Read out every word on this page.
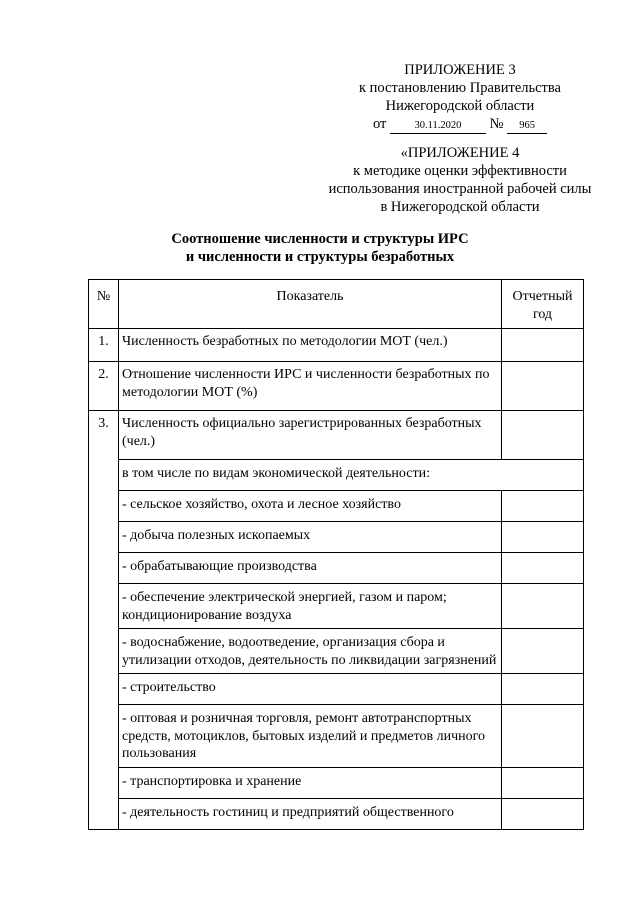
ПРИЛОЖЕНИЕ 3
к постановлению Правительства
Нижегородской области
от	30.11.2020 № 965
«ПРИЛОЖЕНИЕ 4
к методике оценки эффективности
использования иностранной рабочей силы
в Нижегородской области
Соотношение численности и структуры ИРС
и численности и структуры безработных
№	Показатель	Отчетный год
1.	Численность безработных по методологии МОТ (чел.)	
2.	Отношение численности ИРС и численности безработных по методологии МОТ (%)	
3.	Численность официально зарегистрированных безработных (чел.)	
	в том числе по видам экономической деятельности:	
	- сельское хозяйство, охота и лесное хозяйство	
	- добыча полезных ископаемых	
	- обрабатывающие производства	
	- обеспечение электрической энергией, газом и паром; кондиционирование воздуха	
	- водоснабжение, водоотведение, организация сбора и утилизации отходов, деятельность по ликвидации загрязнений	
	- строительство	
	- оптовая и розничная торговля, ремонт автотранспортных средств, мотоциклов, бытовых изделий и предметов личного пользования	
	- транспортировка и хранение	
	- деятельность гостиниц и предприятий общественного	
